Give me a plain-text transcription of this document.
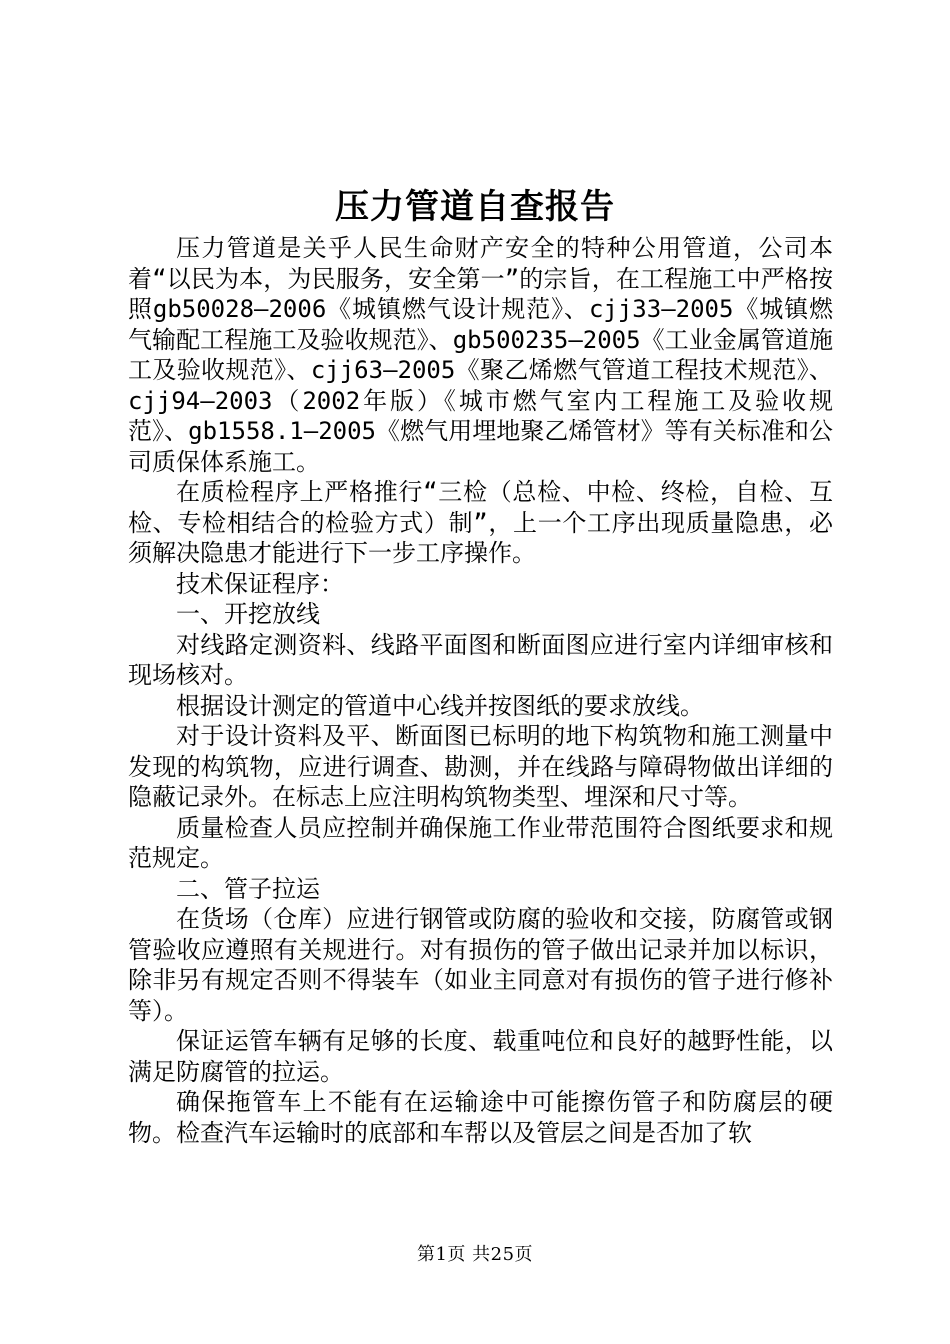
压力管道自查报告

压力管道是关乎人民生命财产安全的特种公用管道，公司本着“以民为本，为民服务，安全第一”的宗旨，在工程施工中严格按照gb50028—2006《城镇燃气设计规范》、cjj33—2005《城镇燃气输配工程施工及验收规范》、gb500235—2005《工业金属管道施工及验收规范》、cjj63—2005《聚乙烯燃气管道工程技术规范》、cjj94—2003（2002年版）《城市燃气室内工程施工及验收规范》、gb1558.1—2005《燃气用埋地聚乙烯管材》等有关标准和公司质保体系施工。

在质检程序上严格推行“三检（总检、中检、终检，自检、互检、专检相结合的检验方式）制”，上一个工序出现质量隐患，必须解决隐患才能进行下一步工序操作。

技术保证程序：

一、开挖放线

对线路定测资料、线路平面图和断面图应进行室内详细审核和现场核对。

根据设计测定的管道中心线并按图纸的要求放线。

对于设计资料及平、断面图已标明的地下构筑物和施工测量中发现的构筑物，应进行调查、勘测，并在线路与障碍物做出详细的隐蔽记录外。在标志上应注明构筑物类型、埋深和尺寸等。

质量检查人员应控制并确保施工作业带范围符合图纸要求和规范规定。

二、管子拉运

在货场（仓库）应进行钢管或防腐的验收和交接，防腐管或钢管验收应遵照有关规进行。对有损伤的管子做出记录并加以标识，除非另有规定否则不得装车（如业主同意对有损伤的管子进行修补等）。

保证运管车辆有足够的长度、载重吨位和良好的越野性能，以满足防腐管的拉运。

确保拖管车上不能有在运输途中可能擦伤管子和防腐层的硬物。检查汽车运输时的底部和车帮以及管层之间是否加了软

第1页 共25页
